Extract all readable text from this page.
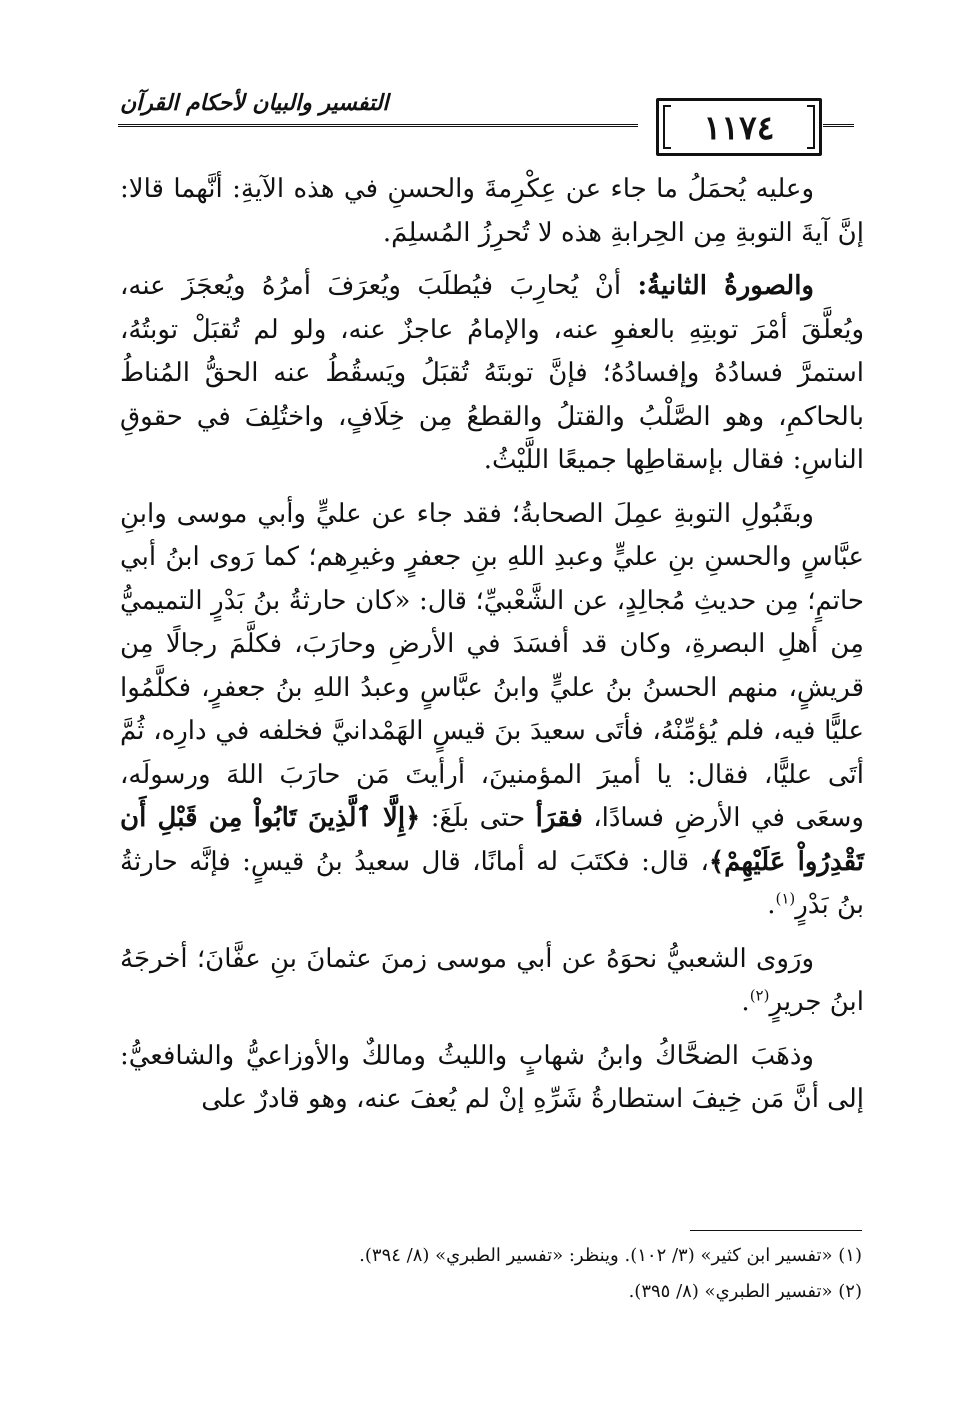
التفسير والبيان لأحكام القرآن
١١٧٤

وعليه يُحمَلُ ما جاء عن عِكْرِمةَ والحسنِ في هذه الآيةِ: أنَّهما قالا: إنَّ آيةَ التوبةِ مِن الحِرابةِ هذه لا تُحرِزُ المُسلِمَ.

والصورةُ الثانيةُ: أنْ يُحارِبَ فيُطلَبَ ويُعرَفَ أمرُهُ ويُعجَزَ عنه، ويُعلَّقَ أمْرَ توبتِهِ بالعفوِ عنه، والإمامُ عاجزٌ عنه، ولو لم تُقبَلْ توبتُهُ، استمرَّ فسادُهُ وإفسادُهُ؛ فإنَّ توبتَهُ تُقبَلُ ويَسقُطُ عنه الحقُّ المُناطُ بالحاكمِ، وهو الصَّلْبُ والقتلُ والقطعُ مِن خِلَافٍ، واختُلِفَ في حقوقِ الناسِ: فقال بإسقاطِها جميعًا اللَّيْثُ.

وبقَبُولِ التوبةِ عمِلَ الصحابةُ؛ فقد جاء عن عليٍّ وأبي موسى وابنِ عبَّاسٍ والحسنِ بنِ عليٍّ وعبدِ اللهِ بنِ جعفرٍ وغيرِهم؛ كما رَوى ابنُ أبي حاتمٍ؛ مِن حديثِ مُجالِدٍ، عن الشَّعْبيِّ؛ قال: «كان حارثةُ بنُ بَدْرٍ التميميُّ مِن أهلِ البصرةِ، وكان قد أفسَدَ في الأرضِ وحارَبَ، فكلَّمَ رجالًا مِن قريشٍ، منهم الحسنُ بنُ عليٍّ وابنُ عبَّاسٍ وعبدُ اللهِ بنُ جعفرٍ، فكلَّمُوا عليًّا فيه، فلم يُؤمِّنْهُ، فأتَى سعيدَ بنَ قيسٍ الهَمْدانيَّ فخلفه في دارِه، ثُمَّ أتَى عليًّا، فقال: يا أميرَ المؤمنينَ، أرأيتَ مَن حارَبَ اللهَ ورسولَه، وسعَى في الأرضِ فسادًا، فقرَأ حتى بلَغَ: ﴿إِلَّا ٱلَّذِينَ تَابُواْ مِن قَبْلِ أَن تَقْدِرُواْ عَلَيْهِمْ﴾، قال: فكتَبَ له أمانًا، قال سعيدُ بنُ قيسٍ: فإنَّه حارثةُ بنُ بَدْرٍ$^{(١)}$.

ورَوى الشعبيُّ نحوَهُ عن أبي موسى زمنَ عثمانَ بنِ عفَّانَ؛ أخرجَهُ ابنُ جريرٍ$^{(٢)}$.

وذهَبَ الضحَّاكُ وابنُ شهابٍ والليثُ ومالكٌ والأوزاعيُّ والشافعيُّ: إلى أنَّ مَن خِيفَ استطارةُ شَرِّهِ إنْ لم يُعفَ عنه، وهو قادرٌ على

(١) «تفسير ابن كثير» (٣/ ١٠٢). وينظر: «تفسير الطبري» (٨/ ٣٩٤).
(٢) «تفسير الطبري» (٨/ ٣٩٥).
